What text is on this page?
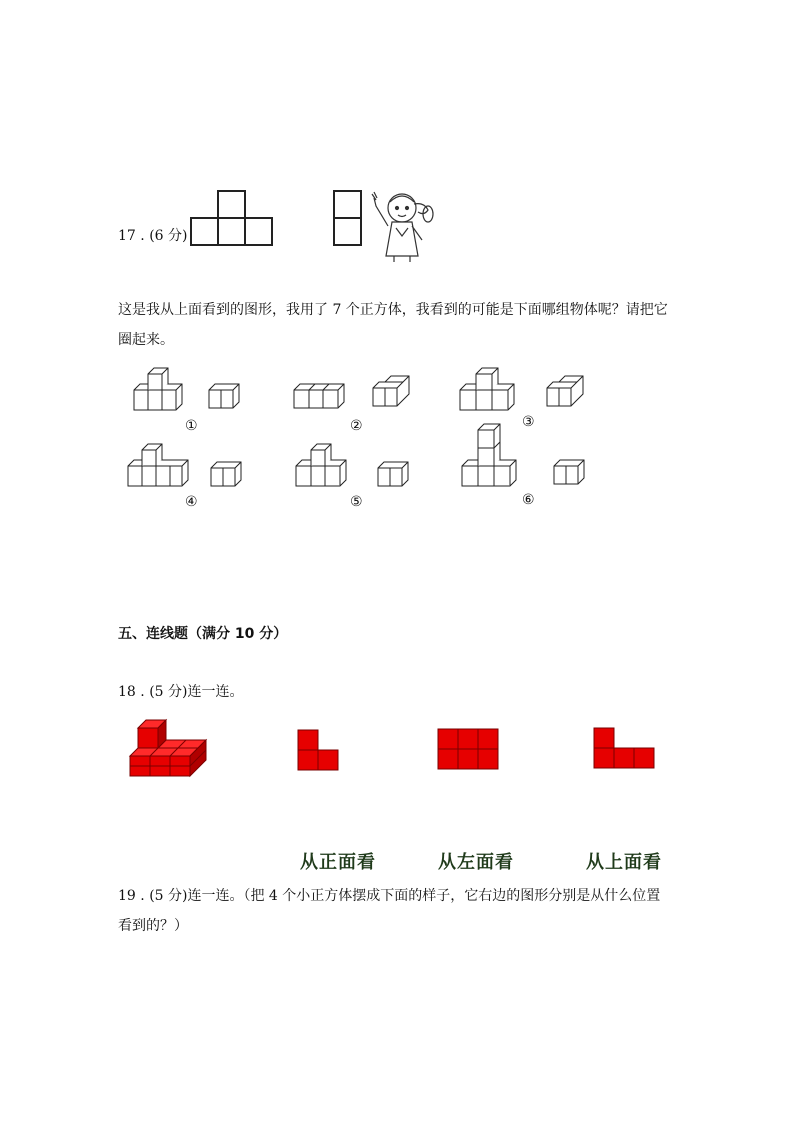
17 . (6 分)
这是我从上面看到的图形，我用了 7 个正方体，我看到的可能是下面哪组物体呢？请把它
圈起来。
①	②	③
④	⑤	⑥
五、连线题（满分 10 分）
18 . (5 分)连一连。
从正面看	从左面看	从上面看
19 . (5 分)连一连。（把 4 个小正方体摆成下面的样子，它右边的图形分别是从什么位置
看到的？）
